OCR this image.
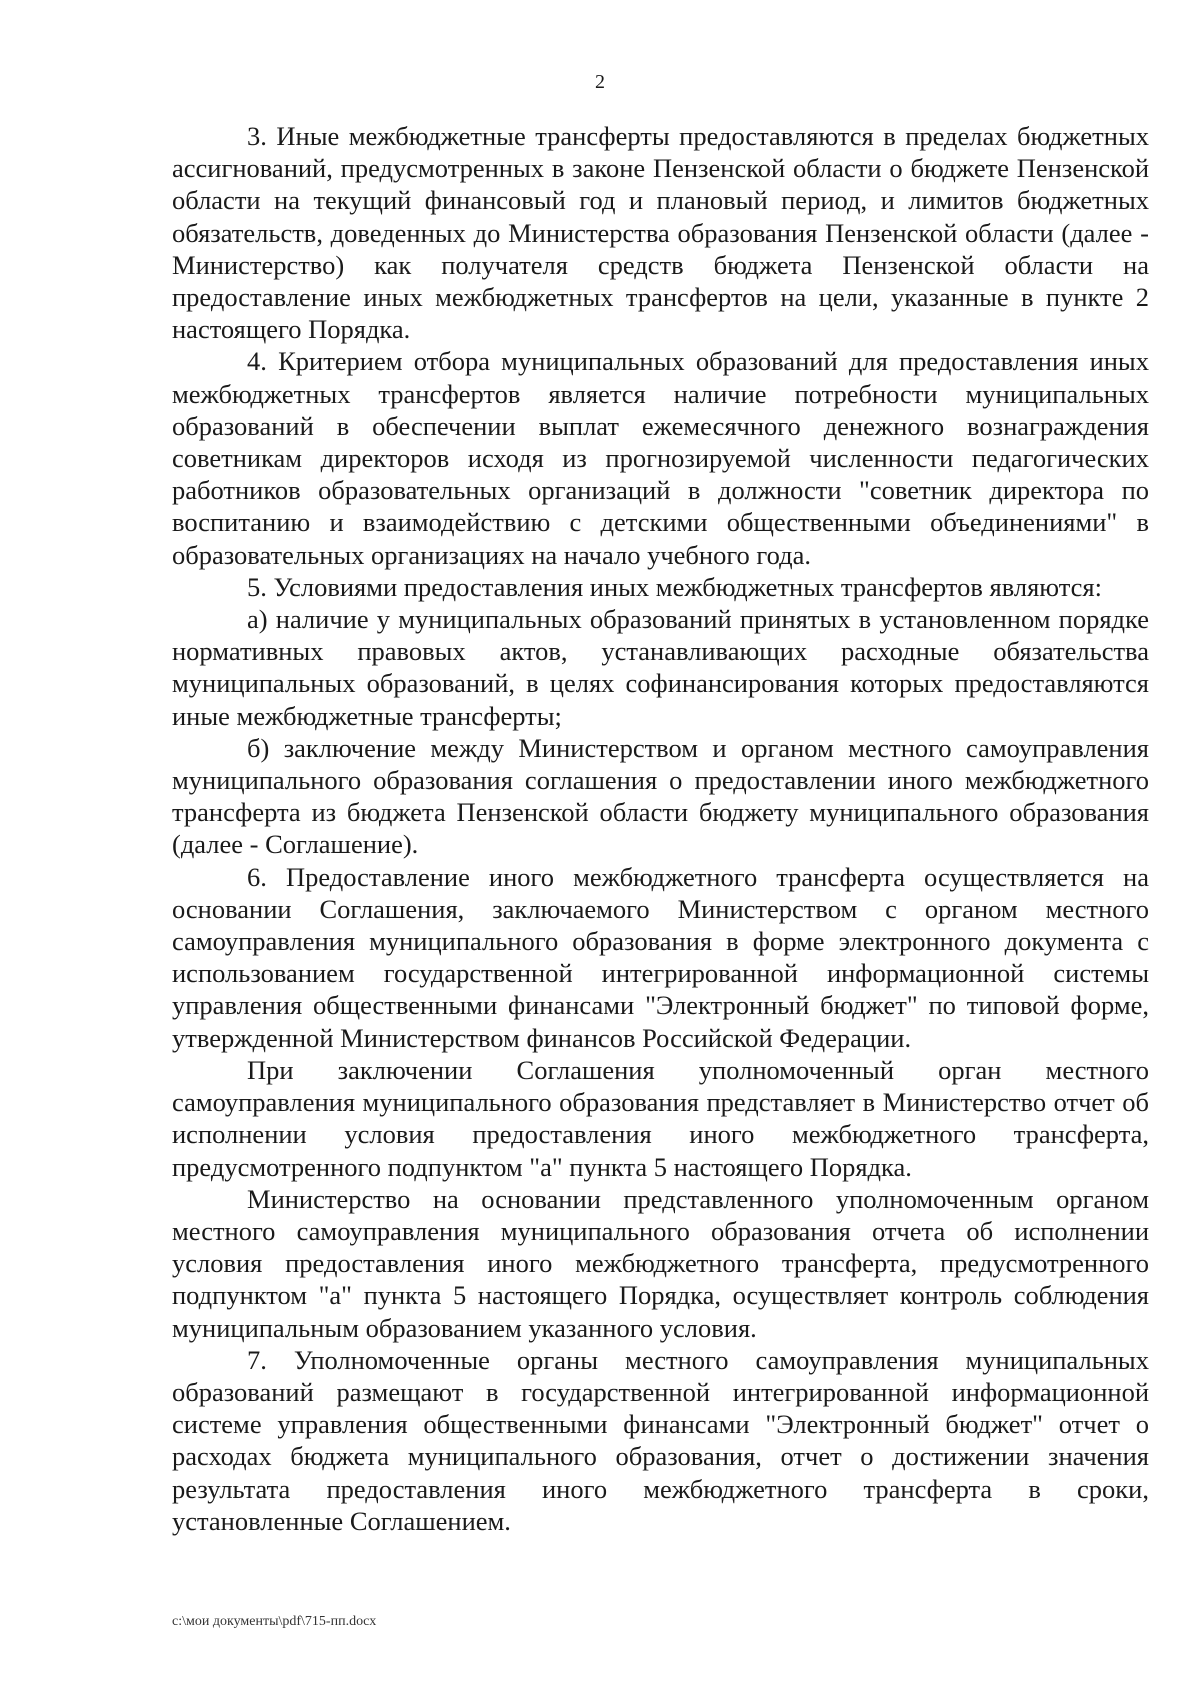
2

3. Иные межбюджетные трансферты предоставляются в пределах бюджетных ассигнований, предусмотренных в законе Пензенской области о бюджете Пензенской области на текущий финансовый год и плановый период, и лимитов бюджетных обязательств, доведенных до Министерства образования Пензенской области (далее - Министерство) как получателя средств бюджета Пензенской области на предоставление иных межбюджетных трансфертов на цели, указанные в пункте 2 настоящего Порядка.

4. Критерием отбора муниципальных образований для предоставления иных межбюджетных трансфертов является наличие потребности муниципальных образований в обеспечении выплат ежемесячного денежного вознаграждения советникам директоров исходя из прогнозируемой численности педагогических работников образовательных организаций в должности "советник директора по воспитанию и взаимодействию с детскими общественными объединениями" в образовательных организациях на начало учебного года.

5. Условиями предоставления иных межбюджетных трансфертов являются:

а) наличие у муниципальных образований принятых в установленном порядке нормативных правовых актов, устанавливающих расходные обязательства муниципальных образований, в целях софинансирования которых предоставляются иные межбюджетные трансферты;

б) заключение между Министерством и органом местного самоуправления муниципального образования соглашения о предоставлении иного межбюджетного трансферта из бюджета Пензенской области бюджету муниципального образования (далее - Соглашение).

6. Предоставление иного межбюджетного трансферта осуществляется на основании Соглашения, заключаемого Министерством с органом местного самоуправления муниципального образования в форме электронного документа с использованием государственной интегрированной информационной системы управления общественными финансами "Электронный бюджет" по типовой форме, утвержденной Министерством финансов Российской Федерации.

При заключении Соглашения уполномоченный орган местного самоуправления муниципального образования представляет в Министерство отчет об исполнении условия предоставления иного межбюджетного трансферта, предусмотренного подпунктом "а" пункта 5 настоящего Порядка.

Министерство на основании представленного уполномоченным органом местного самоуправления муниципального образования отчета об исполнении условия предоставления иного межбюджетного трансферта, предусмотренного подпунктом "а" пункта 5 настоящего Порядка, осуществляет контроль соблюдения муниципальным образованием указанного условия.

7. Уполномоченные органы местного самоуправления муниципальных образований размещают в государственной интегрированной информационной системе управления общественными финансами "Электронный бюджет" отчет о расходах бюджета муниципального образования, отчет о достижении значения результата предоставления иного межбюджетного трансферта в сроки, установленные Соглашением.

c:\мои документы\pdf\715-пп.docx
